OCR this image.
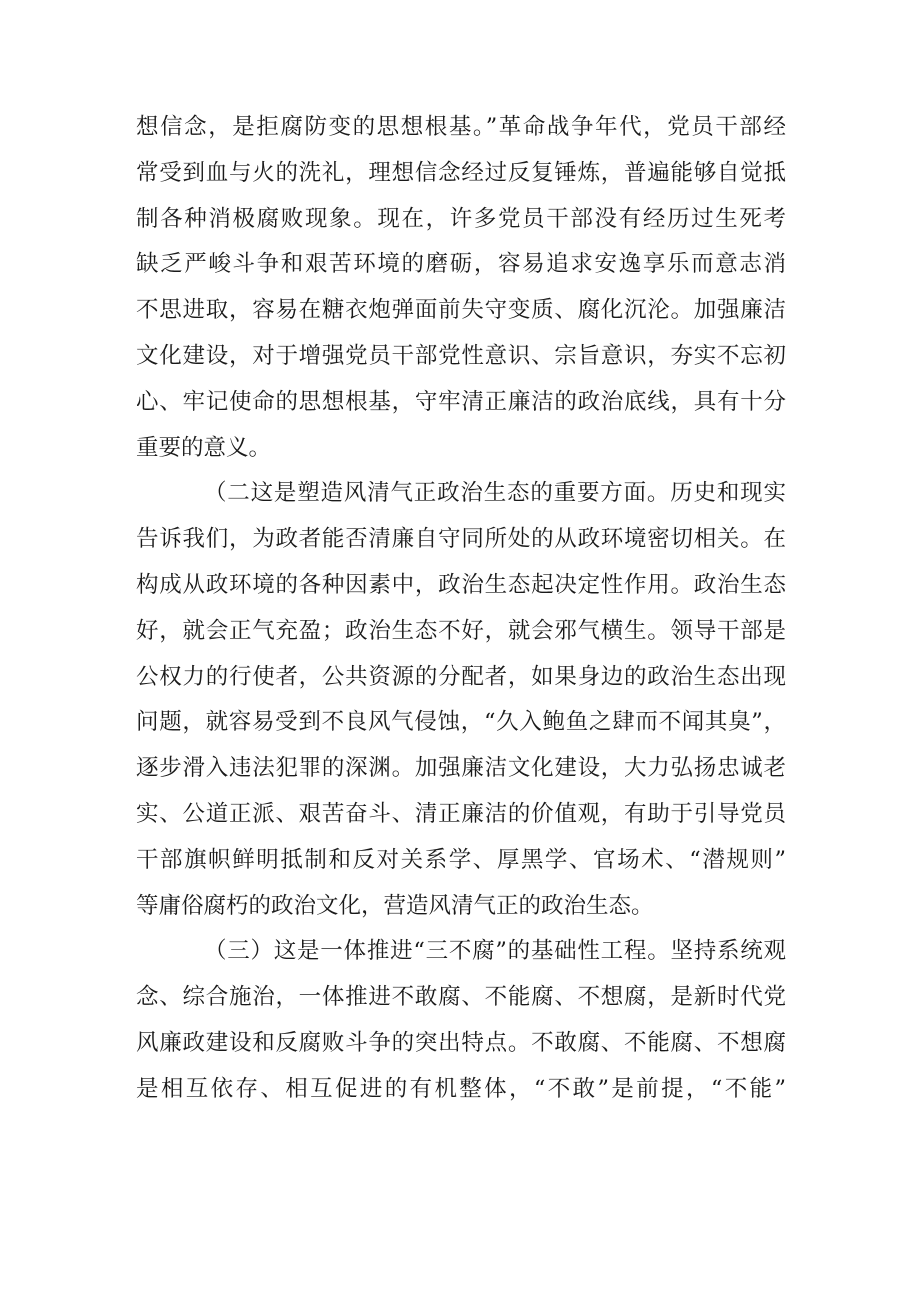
想信念，是拒腐防变的思想根基。”革命战争年代，党员干部经
常受到血与火的洗礼，理想信念经过反复锤炼，普遍能够自觉抵
制各种消极腐败现象。现在，许多党员干部没有经历过生死考
缺乏严峻斗争和艰苦环境的磨砺，容易追求安逸享乐而意志消
不思进取，容易在糖衣炮弹面前失守变质、腐化沉沦。加强廉洁
文化建设，对于增强党员干部党性意识、宗旨意识，夯实不忘初
心、牢记使命的思想根基，守牢清正廉洁的政治底线，具有十分
重要的意义。
（二这是塑造风清气正政治生态的重要方面。历史和现实
告诉我们，为政者能否清廉自守同所处的从政环境密切相关。在
构成从政环境的各种因素中，政治生态起决定性作用。政治生态
好，就会正气充盈；政治生态不好，就会邪气横生。领导干部是
公权力的行使者，公共资源的分配者，如果身边的政治生态出现
问题，就容易受到不良风气侵蚀，“久入鲍鱼之肆而不闻其臭”，
逐步滑入违法犯罪的深渊。加强廉洁文化建设，大力弘扬忠诚老
实、公道正派、艰苦奋斗、清正廉洁的价值观，有助于引导党员
干部旗帜鲜明抵制和反对关系学、厚黑学、官场术、“潜规则”
等庸俗腐朽的政治文化，营造风清气正的政治生态。
（三）这是一体推进“三不腐”的基础性工程。坚持系统观
念、综合施治，一体推进不敢腐、不能腐、不想腐，是新时代党
风廉政建设和反腐败斗争的突出特点。不敢腐、不能腐、不想腐
是相互依存、相互促进的有机整体，“不敢”是前提，“不能”
